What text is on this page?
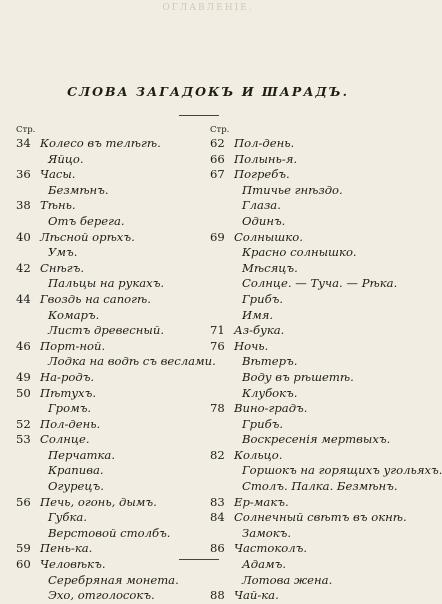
ОГЛАВЛЕНІЕ.
СЛОВА ЗАГАДОКЪ И ШАРАДЪ.
Стр.
34 Колесо въ телѣгѣ.
Яйцо.
36 Часы.
Безмѣнъ.
38 Тѣнь.
Отъ берега.
40 Лѣсной орѣхъ.
Умъ.
42 Снѣгъ.
Пальцы на рукахъ.
44 Гвоздь на сапогѣ.
Комаръ.
Листъ древесный.
46 Порт-ной.
Лодка на водѣ съ веслами.
49 На-родъ.
50 Пѣтухъ.
Громъ.
52 Пол-день.
53 Солнце.
Перчатка.
Крапива.
Огурецъ.
56 Печь, огонь, дымъ.
Губка.
Верстовой столбъ.
59 Пень-ка.
60 Человѣкъ.
Серебряная монета.
Эхо, отголосокъ.
Стр.
62 Пол-день.
66 Полынь-я.
67 Погребъ.
Птичье гнѣздо.
Глаза.
Одинъ.
69 Солнышко.
Красно солнышко.
Мѣсяцъ.
Солнце. — Туча. — Рѣка.
Грибъ.
Имя.
71 Аз-бука.
76 Ночь.
Вѣтеръ.
Воду въ рѣшетѣ.
Клубокъ.
78 Вино-градъ.
Грибъ.
Воскресенія мертвыхъ.
82 Кольцо.
Горшокъ на горящихъ угольяхъ.
Столъ. Палка. Безмѣнъ.
83 Ер-макъ.
84 Солнечный свѣтъ въ окнѣ.
Замокъ.
86 Частоколъ.
Адамъ.
Лотова жена.
88 Чай-ка.
